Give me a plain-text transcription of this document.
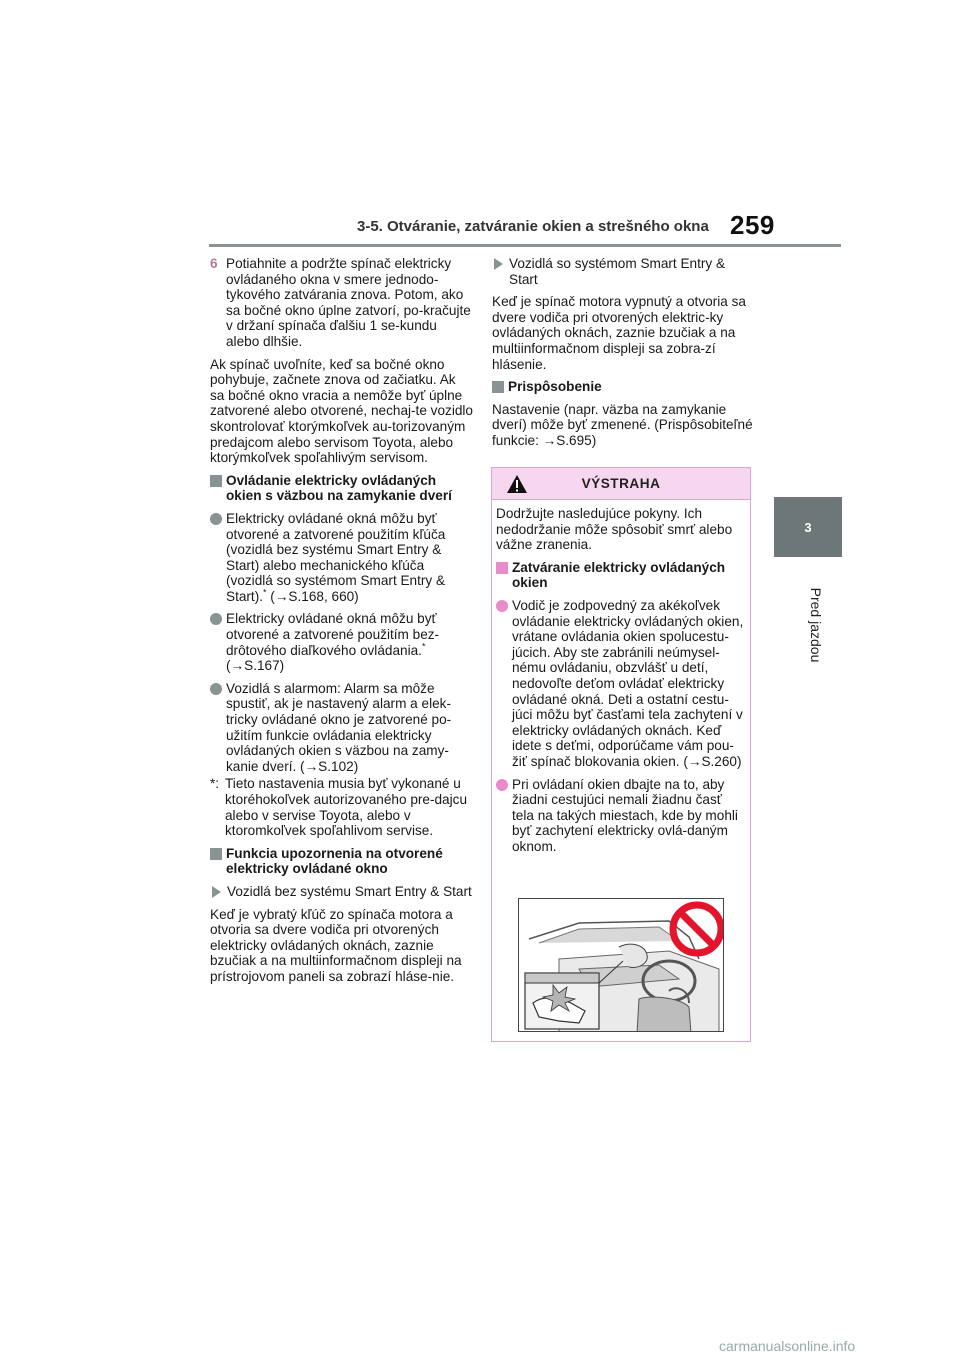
3-5. Otváranie, zatváranie okien a strešného okna 259
3
Pred jazdou
6 Potiahnite a podržte spínač elektricky ovládaného okna v smere jednodo-tykového zatvárania znova. Potom, ako sa bočné okno úplne zatvorí, po-kračujte v držaní spínača ďalšiu 1 se-kundu alebo dlhšie.

Ak spínač uvoľníte, keď sa bočné okno pohybuje, začnete znova od začiatku. Ak sa bočné okno vracia a nemôže byť úplne zatvorené alebo otvorené, nechaj-te vozidlo skontrolovať ktorýmkoľvek au-torizovaným predajcom alebo servisom Toyota, alebo ktorýmkoľvek spoľahlivým servisom.

Ovládanie elektricky ovládaných okien s väzbou na zamykanie dverí
Elektricky ovládané okná môžu byť otvorené a zatvorené použitím kľúča (vozidlá bez systému Smart Entry & Start) alebo mechanického kľúča (vozidlá so systémom Smart Entry & Start).* (→S.168, 660)
Elektricky ovládané okná môžu byť otvorené a zatvorené použitím bez-drôtového diaľkového ovládania.*
(→S.167)
Vozidlá s alarmom: Alarm sa môže spustiť, ak je nastavený alarm a elek-tricky ovládané okno je zatvorené po-užitím funkcie ovládania elektricky ovládaných okien s väzbou na zamy-kanie dverí. (→S.102)
*: Tieto nastavenia musia byť vykonané u ktoréhokoľvek autorizovaného pre-dajcu alebo v servise Toyota, alebo v ktoromkoľvek spoľahlivom servise.
Funkcia upozornenia na otvorené elektricky ovládané okno
Vozidlá bez systému Smart Entry & Start

Keď je vybratý kľúč zo spínača motora a otvoria sa dvere vodiča pri otvorených elektricky ovládaných oknách, zaznie bzučiak a na multiinformačnom displeji na prístrojovom paneli sa zobrazí hláse-nie.

Vozidlá so systémom Smart Entry & Start

Keď je spínač motora vypnutý a otvoria sa dvere vodiča pri otvorených elektric-ky ovládaných oknách, zaznie bzučiak a na multiinformačnom displeji sa zobra-zí hlásenie.

Prispôsobenie

Nastavenie (napr. väzba na zamykanie dverí) môže byť zmenené. (Prispôsobiteľné funkcie: →S.695)

VÝSTRAHA

Dodržujte nasledujúce pokyny. Ich nedodržanie môže spôsobiť smrť alebo vážne zranenia.

Zatváranie elektricky ovládaných okien
Vodič je zodpovedný za akékoľvek ovládanie elektricky ovládaných okien, vrátane ovládania okien spolucestu-júcich. Aby ste zabránili neúmysel-nému ovládaniu, obzvlášť u detí, nedovoľte deťom ovládať elektricky ovládané okná. Deti a ostatní cestu-júci môžu byť časťami tela zachytení v elektricky ovládaných oknách. Keď idete s deťmi, odporúčame vám pou-žiť spínač blokovania okien. (→S.260)
Pri ovládaní okien dbajte na to, aby žiadni cestujúci nemali žiadnu časť tela na takých miestach, kde by mohli byť zachytení elektricky ovlá-daným oknom.
carmanualsonline.info
